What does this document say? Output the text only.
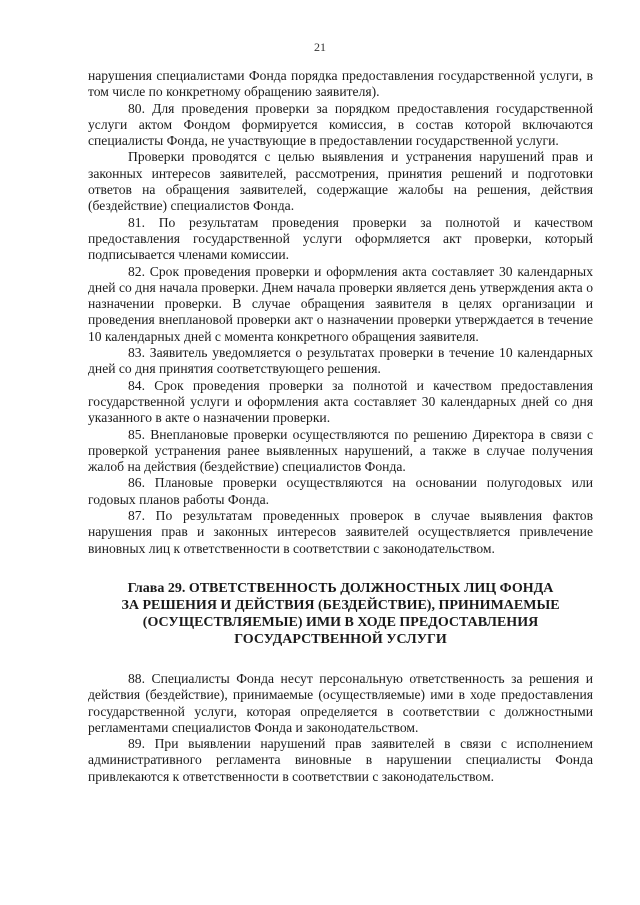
21

нарушения специалистами Фонда порядка предоставления государственной услуги, в том числе по конкретному обращению заявителя).

80. Для проведения проверки за порядком предоставления государственной услуги актом Фондом формируется комиссия, в состав которой включаются специалисты Фонда, не участвующие в предоставлении государственной услуги.

Проверки проводятся с целью выявления и устранения нарушений прав и законных интересов заявителей, рассмотрения, принятия решений и подготовки ответов на обращения заявителей, содержащие жалобы на решения, действия (бездействие) специалистов Фонда.

81. По результатам проведения проверки за полнотой и качеством предоставления государственной услуги оформляется акт проверки, который подписывается членами комиссии.

82. Срок проведения проверки и оформления акта составляет 30 календарных дней со дня начала проверки. Днем начала проверки является день утверждения акта о назначении проверки. В случае обращения заявителя в целях организации и проведения внеплановой проверки акт о назначении проверки утверждается в течение 10 календарных дней с момента конкретного обращения заявителя.

83. Заявитель уведомляется о результатах проверки в течение 10 календарных дней со дня принятия соответствующего решения.

84. Срок проведения проверки за полнотой и качеством предоставления государственной услуги и оформления акта составляет 30 календарных дней со дня указанного в акте о назначении проверки.

85. Внеплановые проверки осуществляются по решению Директора в связи с проверкой устранения ранее выявленных нарушений, а также в случае получения жалоб на действия (бездействие) специалистов Фонда.

86. Плановые проверки осуществляются на основании полугодовых или годовых планов работы Фонда.

87. По результатам проведенных проверок в случае выявления фактов нарушения прав и законных интересов заявителей осуществляется привлечение виновных лиц к ответственности в соответствии с законодательством.

Глава 29. ОТВЕТСТВЕННОСТЬ ДОЛЖНОСТНЫХ ЛИЦ ФОНДА
ЗА РЕШЕНИЯ И ДЕЙСТВИЯ (БЕЗДЕЙСТВИЕ), ПРИНИМАЕМЫЕ
(ОСУЩЕСТВЛЯЕМЫЕ) ИМИ В ХОДЕ ПРЕДОСТАВЛЕНИЯ
ГОСУДАРСТВЕННОЙ УСЛУГИ

88. Специалисты Фонда несут персональную ответственность за решения и действия (бездействие), принимаемые (осуществляемые) ими в ходе предоставления государственной услуги, которая определяется в соответствии с должностными регламентами специалистов Фонда и законодательством.

89. При выявлении нарушений прав заявителей в связи с исполнением административного регламента виновные в нарушении специалисты Фонда привлекаются к ответственности в соответствии с законодательством.
